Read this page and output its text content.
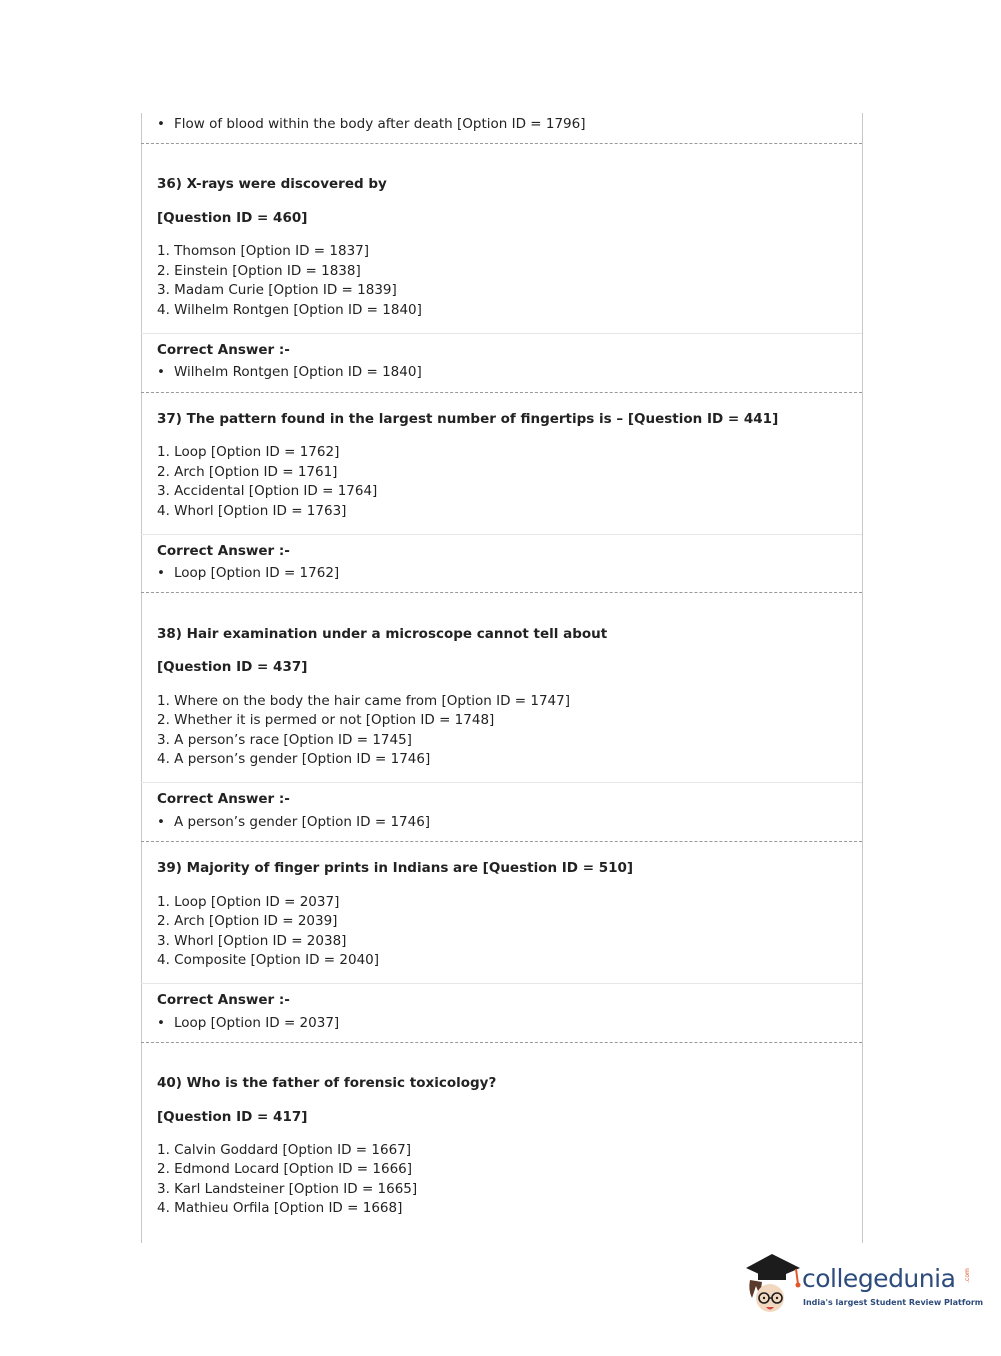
• Flow of blood within the body after death [Option ID = 1796]
36) X-rays were discovered by
[Question ID = 460]
1. Thomson [Option ID = 1837]
2. Einstein [Option ID = 1838]
3. Madam Curie [Option ID = 1839]
4. Wilhelm Rontgen [Option ID = 1840]
Correct Answer :-
• Wilhelm Rontgen [Option ID = 1840]
37) The pattern found in the largest number of fingertips is – [Question ID = 441]
1. Loop [Option ID = 1762]
2. Arch [Option ID = 1761]
3. Accidental [Option ID = 1764]
4. Whorl [Option ID = 1763]
Correct Answer :-
• Loop [Option ID = 1762]
38) Hair examination under a microscope cannot tell about
[Question ID = 437]
1. Where on the body the hair came from [Option ID = 1747]
2. Whether it is permed or not [Option ID = 1748]
3. A person’s race [Option ID = 1745]
4. A person’s gender [Option ID = 1746]
Correct Answer :-
• A person’s gender [Option ID = 1746]
39) Majority of finger prints in Indians are [Question ID = 510]
1. Loop [Option ID = 2037]
2. Arch [Option ID = 2039]
3. Whorl [Option ID = 2038]
4. Composite [Option ID = 2040]
Correct Answer :-
• Loop [Option ID = 2037]
40) Who is the father of forensic toxicology?
[Question ID = 417]
1. Calvin Goddard [Option ID = 1667]
2. Edmond Locard [Option ID = 1666]
3. Karl Landsteiner [Option ID = 1665]
4. Mathieu Orfila [Option ID = 1668]
collegedunia .com
India's largest Student Review Platform
